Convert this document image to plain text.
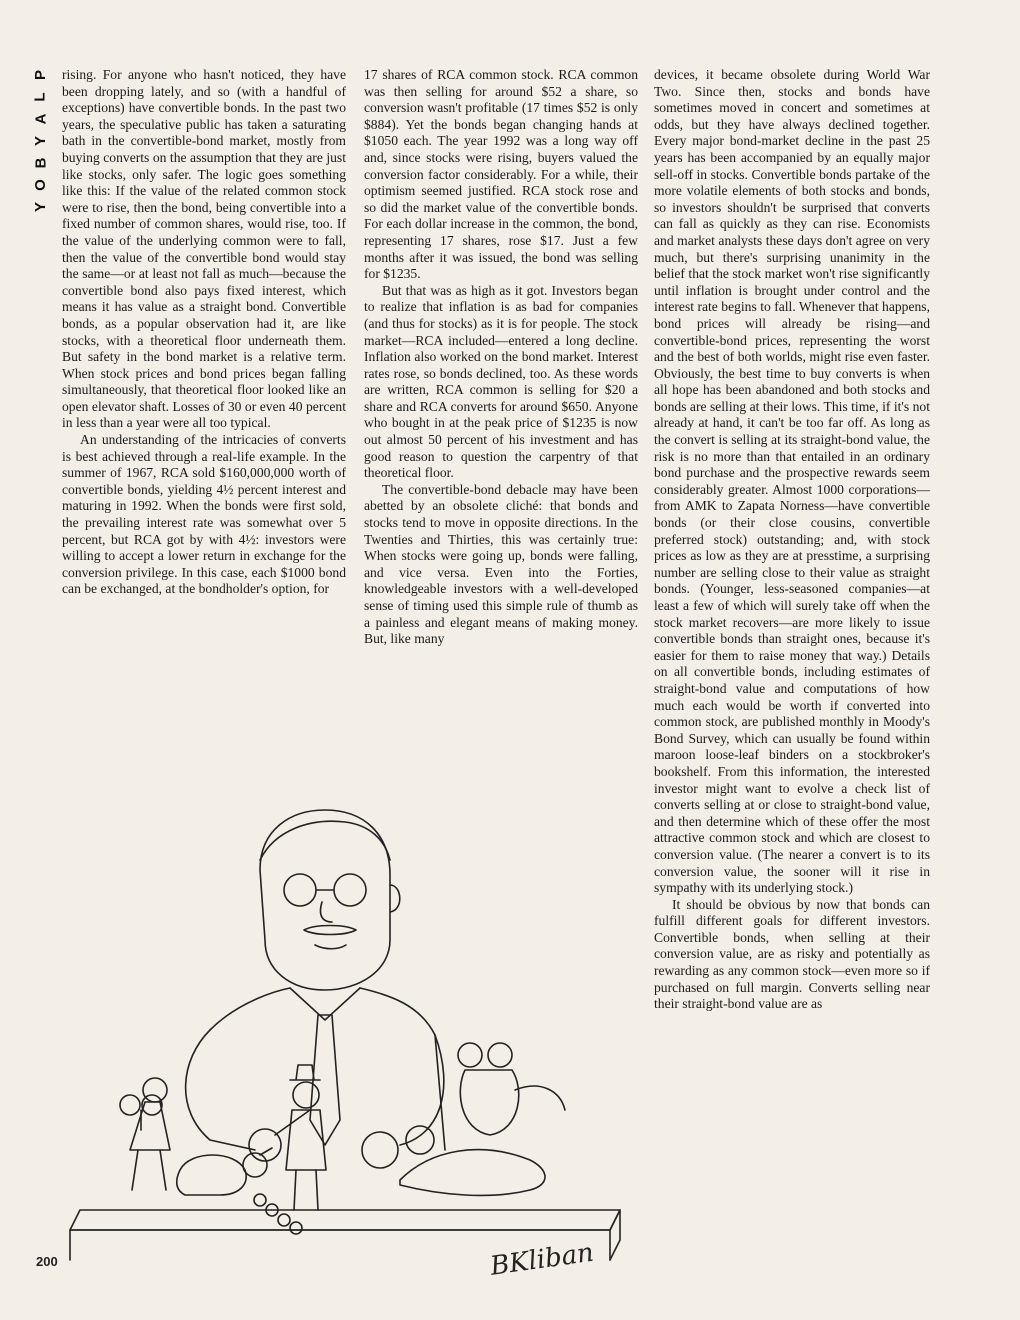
P
L
A
Y
B
O
Y

rising. For anyone who hasn't noticed, they have been dropping lately, and so (with a handful of exceptions) have convertible bonds. In the past two years, the speculative public has taken a saturating bath in the convertible-bond market, mostly from buying converts on the assumption that they are just like stocks, only safer. The logic goes something like this: If the value of the related common stock were to rise, then the bond, being convertible into a fixed number of common shares, would rise, too. If the value of the underlying common were to fall, then the value of the convertible bond would stay the same—or at least not fall as much—because the convertible bond also pays fixed interest, which means it has value as a straight bond. Convertible bonds, as a popular observation had it, are like stocks, with a theoretical floor underneath them. But safety in the bond market is a relative term. When stock prices and bond prices began falling simultaneously, that theoretical floor looked like an open elevator shaft. Losses of 30 or even 40 percent in less than a year were all too typical.

An understanding of the intricacies of converts is best achieved through a real-life example. In the summer of 1967, RCA sold $160,000,000 worth of convertible bonds, yielding 4½ percent interest and maturing in 1992. When the bonds were first sold, the prevailing interest rate was somewhat over 5 percent, but RCA got by with 4½: investors were willing to accept a lower return in exchange for the conversion privilege. In this case, each $1000 bond can be exchanged, at the bondholder's option, for

17 shares of RCA common stock. RCA common was then selling for around $52 a share, so conversion wasn't profitable (17 times $52 is only $884). Yet the bonds began changing hands at $1050 each. The year 1992 was a long way off and, since stocks were rising, buyers valued the conversion factor considerably. For a while, their optimism seemed justified. RCA stock rose and so did the market value of the convertible bonds. For each dollar increase in the common, the bond, representing 17 shares, rose $17. Just a few months after it was issued, the bond was selling for $1235.

But that was as high as it got. Investors began to realize that inflation is as bad for companies (and thus for stocks) as it is for people. The stock market—RCA included—entered a long decline. Inflation also worked on the bond market. Interest rates rose, so bonds declined, too. As these words are written, RCA common is selling for $20 a share and RCA converts for around $650. Anyone who bought in at the peak price of $1235 is now out almost 50 percent of his investment and has good reason to question the carpentry of that theoretical floor.

The convertible-bond debacle may have been abetted by an obsolete cliché: that bonds and stocks tend to move in opposite directions. In the Twenties and Thirties, this was certainly true: When stocks were going up, bonds were falling, and vice versa. Even into the Forties, knowledgeable investors with a well-developed sense of timing used this simple rule of thumb as a painless and elegant means of making money. But, like many

devices, it became obsolete during World War Two. Since then, stocks and bonds have sometimes moved in concert and sometimes at odds, but they have always declined together. Every major bond-market decline in the past 25 years has been accompanied by an equally major sell-off in stocks. Convertible bonds partake of the more volatile elements of both stocks and bonds, so investors shouldn't be surprised that converts can fall as quickly as they can rise. Economists and market analysts these days don't agree on very much, but there's surprising unanimity in the belief that the stock market won't rise significantly until inflation is brought under control and the interest rate begins to fall. Whenever that happens, bond prices will already be rising—and convertible-bond prices, representing the worst and the best of both worlds, might rise even faster. Obviously, the best time to buy converts is when all hope has been abandoned and both stocks and bonds are selling at their lows. This time, if it's not already at hand, it can't be too far off. As long as the convert is selling at its straight-bond value, the risk is no more than that entailed in an ordinary bond purchase and the prospective rewards seem considerably greater. Almost 1000 corporations—from AMK to Zapata Norness—have convertible bonds (or their close cousins, convertible preferred stock) outstanding; and, with stock prices as low as they are at presstime, a surprising number are selling close to their value as straight bonds. (Younger, less-seasoned companies—at least a few of which will surely take off when the stock market recovers—are more likely to issue convertible bonds than straight ones, because it's easier for them to raise money that way.) Details on all convertible bonds, including estimates of straight-bond value and computations of how much each would be worth if converted into common stock, are published monthly in Moody's Bond Survey, which can usually be found within maroon loose-leaf binders on a stockbroker's bookshelf. From this information, the interested investor might want to evolve a check list of converts selling at or close to straight-bond value, and then determine which of these offer the most attractive common stock and which are closest to conversion value. (The nearer a convert is to its conversion value, the sooner will it rise in sympathy with its underlying stock.)

It should be obvious by now that bonds can fulfill different goals for different investors. Convertible bonds, when selling at their conversion value, are as risky and potentially as rewarding as any common stock—even more so if purchased on full margin. Converts selling near their straight-bond value are as

BKliban
200
